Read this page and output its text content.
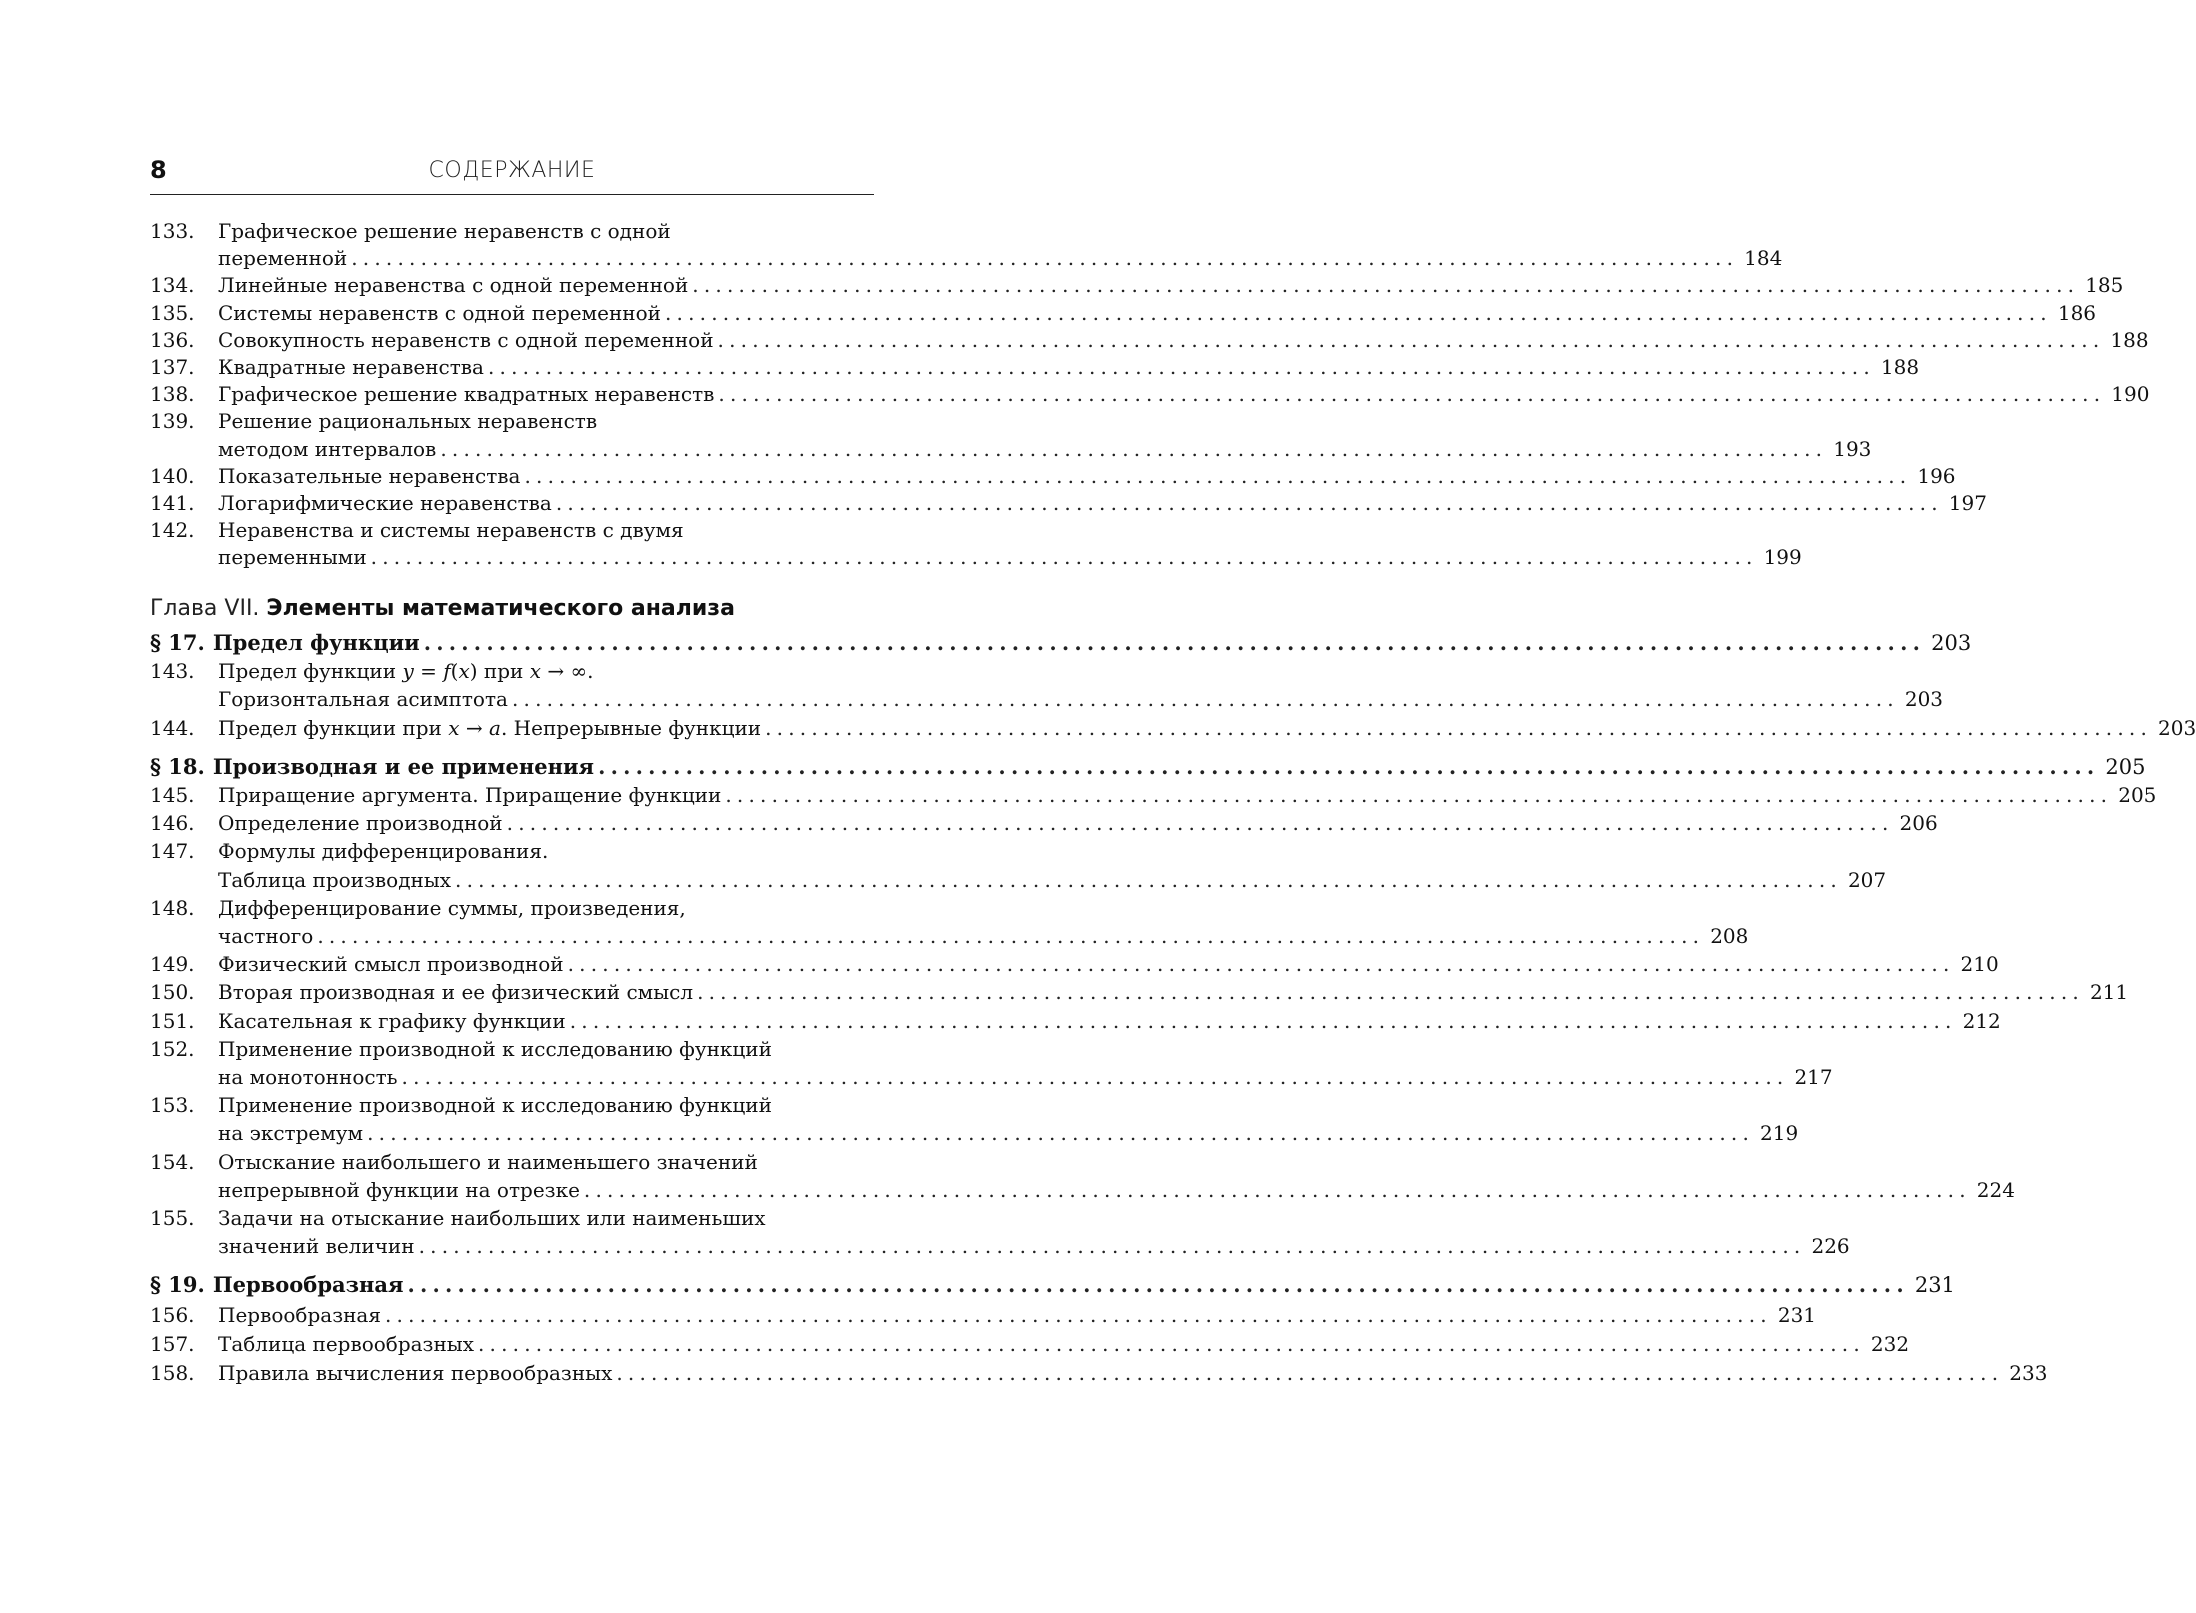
8	СОДЕРЖАНИЕ
133.	Графическое решение неравенств с одной
переменной ........................................................................................................................ 184
134.	Линейные неравенства с одной переменной ........................................................................................................................ 185
135.	Системы неравенств с одной переменной ........................................................................................................................ 186
136.	Совокупность неравенств с одной переменной ........................................................................................................................ 188
137.	Квадратные неравенства ........................................................................................................................ 188
138.	Графическое решение квадратных неравенств ........................................................................................................................ 190
139.	Решение рациональных неравенств
методом интервалов ........................................................................................................................ 193
140.	Показательные неравенства ........................................................................................................................ 196
141.	Логарифмические неравенства ........................................................................................................................ 197
142.	Неравенства и системы неравенств с двумя
переменными ........................................................................................................................ 199
Глава VII. Элементы математического анализа
§ 17. Предел функции ........................................................................................................................ 203
143.	Предел функции y = f(x) при x → ∞.
Горизонтальная асимптота ........................................................................................................................ 203
144.	Предел функции при x → a. Непрерывные функции ........................................................................................................................ 203
§ 18. Производная и ее применения ........................................................................................................................ 205
145.	Приращение аргумента. Приращение функции ........................................................................................................................ 205
146.	Определение производной ........................................................................................................................ 206
147.	Формулы дифференцирования.
Таблица производных ........................................................................................................................ 207
148.	Дифференцирование суммы, произведения,
частного ........................................................................................................................ 208
149.	Физический смысл производной ........................................................................................................................ 210
150.	Вторая производная и ее физический смысл ........................................................................................................................ 211
151.	Касательная к графику функции ........................................................................................................................ 212
152.	Применение производной к исследованию функций
на монотонность ........................................................................................................................ 217
153.	Применение производной к исследованию функций
на экстремум ........................................................................................................................ 219
154.	Отыскание наибольшего и наименьшего значений
непрерывной функции на отрезке ........................................................................................................................ 224
155.	Задачи на отыскание наибольших или наименьших
значений величин ........................................................................................................................ 226
§ 19. Первообразная ........................................................................................................................ 231
156.	Первообразная ........................................................................................................................ 231
157.	Таблица первообразных ........................................................................................................................ 232
158.	Правила вычисления первообразных ........................................................................................................................ 233
